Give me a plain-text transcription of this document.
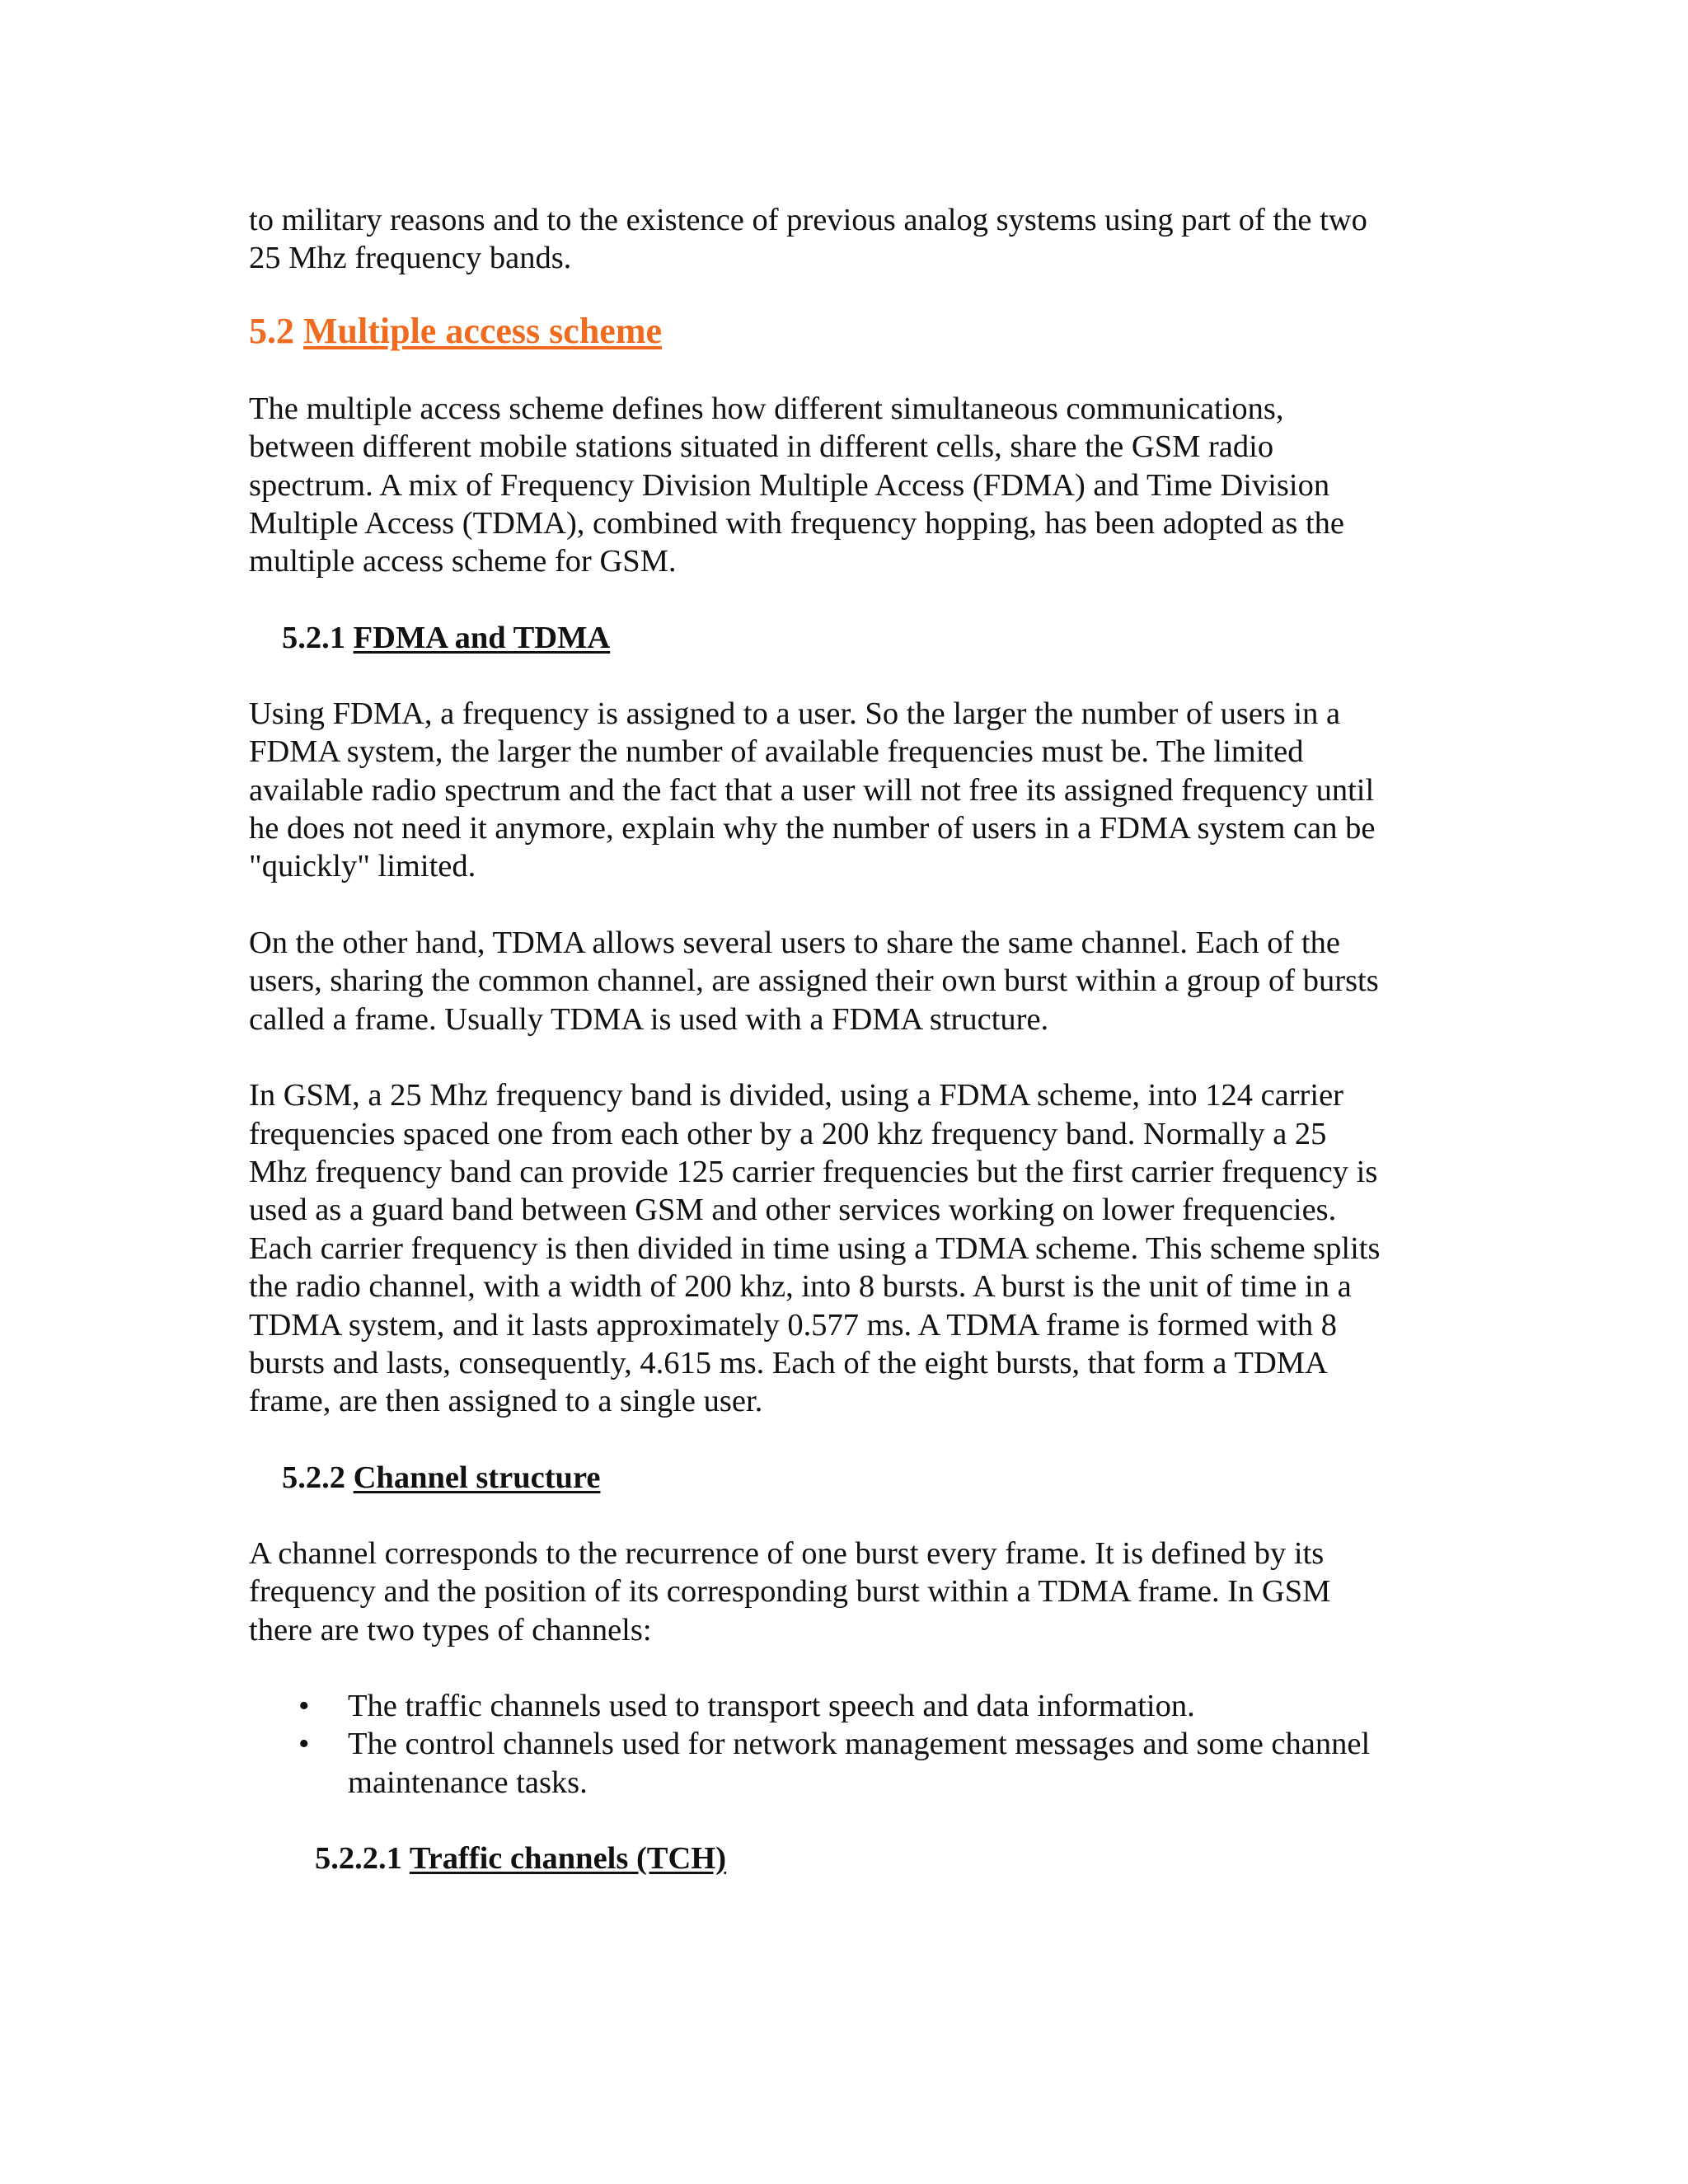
to military reasons and to the existence of previous analog systems using part of the two
25 Mhz frequency bands.

5.2 Multiple access scheme

The multiple access scheme defines how different simultaneous communications,
between different mobile stations situated in different cells, share the GSM radio
spectrum. A mix of Frequency Division Multiple Access (FDMA) and Time Division
Multiple Access (TDMA), combined with frequency hopping, has been adopted as the
multiple access scheme for GSM.

5.2.1 FDMA and TDMA

Using FDMA, a frequency is assigned to a user. So the larger the number of users in a
FDMA system, the larger the number of available frequencies must be. The limited
available radio spectrum and the fact that a user will not free its assigned frequency until
he does not need it anymore, explain why the number of users in a FDMA system can be
"quickly" limited.

On the other hand, TDMA allows several users to share the same channel. Each of the
users, sharing the common channel, are assigned their own burst within a group of bursts
called a frame. Usually TDMA is used with a FDMA structure.

In GSM, a 25 Mhz frequency band is divided, using a FDMA scheme, into 124 carrier
frequencies spaced one from each other by a 200 khz frequency band. Normally a 25
Mhz frequency band can provide 125 carrier frequencies but the first carrier frequency is
used as a guard band between GSM and other services working on lower frequencies.
Each carrier frequency is then divided in time using a TDMA scheme. This scheme splits
the radio channel, with a width of 200 khz, into 8 bursts. A burst is the unit of time in a
TDMA system, and it lasts approximately 0.577 ms. A TDMA frame is formed with 8
bursts and lasts, consequently, 4.615 ms. Each of the eight bursts, that form a TDMA
frame, are then assigned to a single user.

5.2.2 Channel structure

A channel corresponds to the recurrence of one burst every frame. It is defined by its
frequency and the position of its corresponding burst within a TDMA frame. In GSM
there are two types of channels:

• The traffic channels used to transport speech and data information.
• The control channels used for network management messages and some channel
maintenance tasks.
5.2.2.1 Traffic channels (TCH)
